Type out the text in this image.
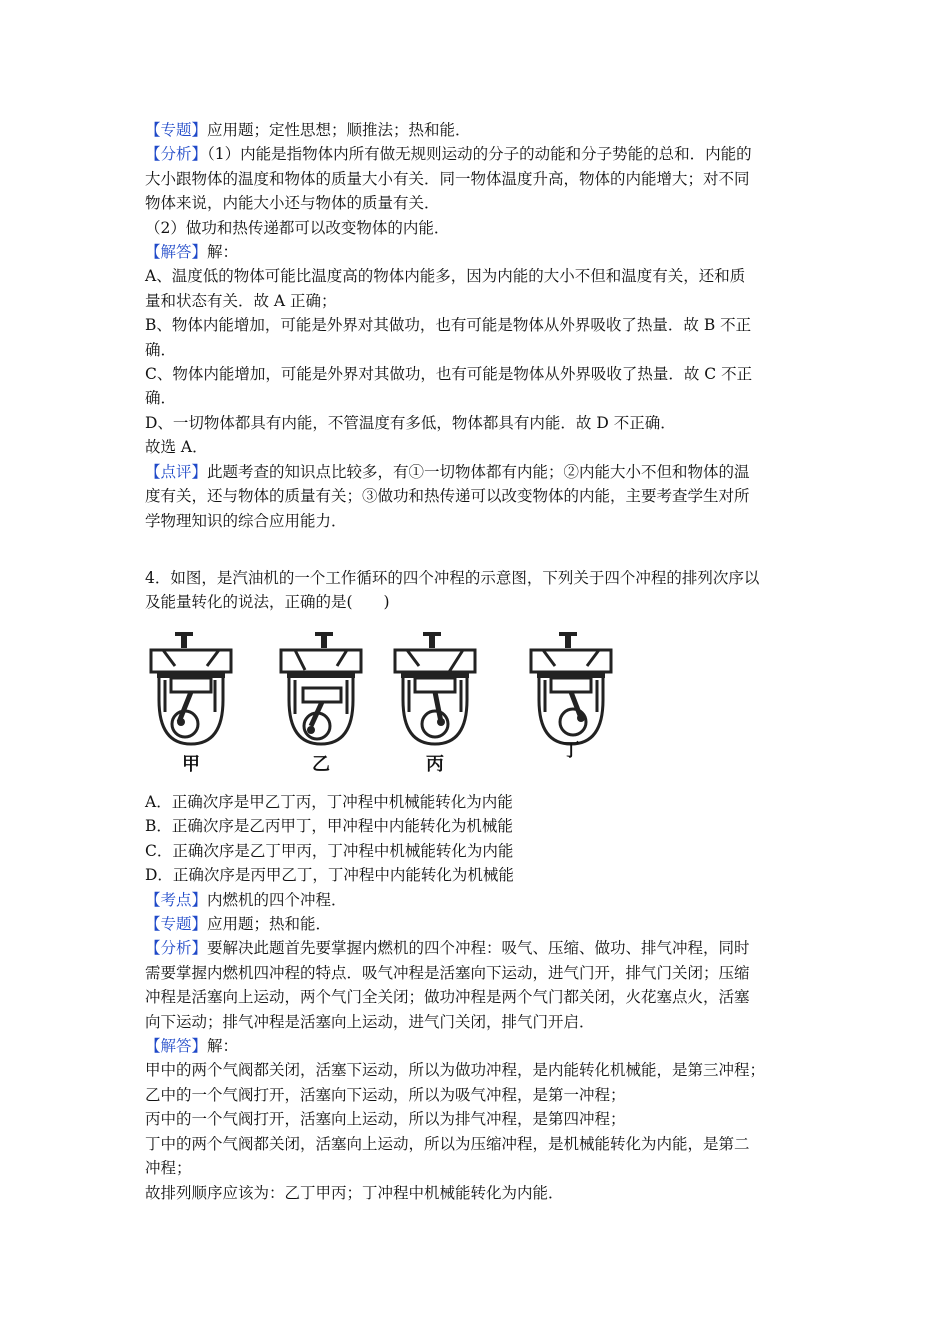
【专题】应用题；定性思想；顺推法；热和能．
【分析】（1）内能是指物体内所有做无规则运动的分子的动能和分子势能的总和．内能的
大小跟物体的温度和物体的质量大小有关．同一物体温度升高，物体的内能增大；对不同
物体来说，内能大小还与物体的质量有关．
（2）做功和热传递都可以改变物体的内能．
【解答】解：
A、温度低的物体可能比温度高的物体内能多，因为内能的大小不但和温度有关，还和质
量和状态有关．故 A 正确；
B、物体内能增加，可能是外界对其做功，也有可能是物体从外界吸收了热量．故 B 不正
确．
C、物体内能增加，可能是外界对其做功，也有可能是物体从外界吸收了热量．故 C 不正
确．
D、一切物体都具有内能，不管温度有多低，物体都具有内能．故 D 不正确．
故选 A．
【点评】此题考查的知识点比较多，有①一切物体都有内能；②内能大小不但和物体的温
度有关，还与物体的质量有关；③做功和热传递可以改变物体的内能，主要考查学生对所
学物理知识的综合应用能力．
4．如图，是汽油机的一个工作循环的四个冲程的示意图，下列关于四个冲程的排列次序以
及能量转化的说法，正确的是(　　)
甲	乙	丙
丁
A．正确次序是甲乙丁丙，丁冲程中机械能转化为内能
B．正确次序是乙丙甲丁，甲冲程中内能转化为机械能
C．正确次序是乙丁甲丙，丁冲程中机械能转化为内能
D．正确次序是丙甲乙丁，丁冲程中内能转化为机械能
【考点】内燃机的四个冲程．
【专题】应用题；热和能．
【分析】要解决此题首先要掌握内燃机的四个冲程：吸气、压缩、做功、排气冲程，同时
需要掌握内燃机四冲程的特点．吸气冲程是活塞向下运动，进气门开，排气门关闭；压缩
冲程是活塞向上运动，两个气门全关闭；做功冲程是两个气门都关闭，火花塞点火，活塞
向下运动；排气冲程是活塞向上运动，进气门关闭，排气门开启．
【解答】解：
甲中的两个气阀都关闭，活塞下运动，所以为做功冲程，是内能转化机械能，是第三冲程；
乙中的一个气阀打开，活塞向下运动，所以为吸气冲程，是第一冲程；
丙中的一个气阀打开，活塞向上运动，所以为排气冲程，是第四冲程；
丁中的两个气阀都关闭，活塞向上运动，所以为压缩冲程，是机械能转化为内能，是第二
冲程；
故排列顺序应该为：乙丁甲丙；丁冲程中机械能转化为内能．
